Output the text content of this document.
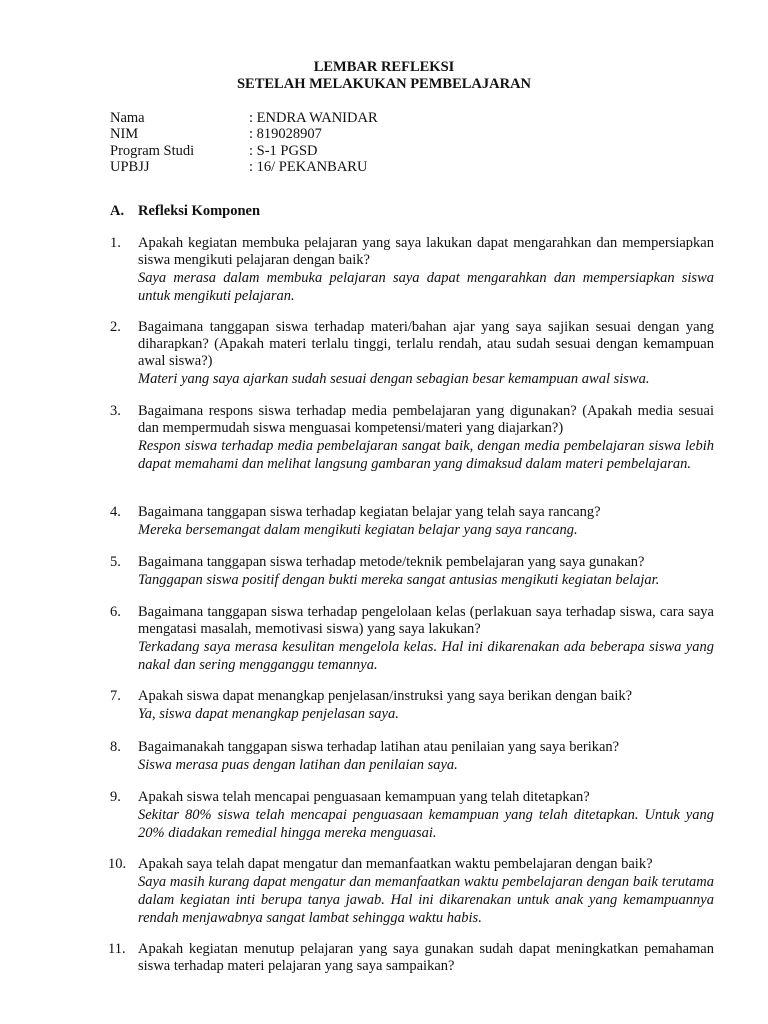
LEMBAR REFLEKSI
SETELAH MELAKUKAN PEMBELAJARAN
Nama	: ENDRA WANIDAR
NIM	: 819028907
Program Studi	: S-1 PGSD
UPBJJ	: 16/ PEKANBARU
A. Refleksi Komponen
1. Apakah kegiatan membuka pelajaran yang saya lakukan dapat mengarahkan dan mempersiapkan siswa mengikuti pelajaran dengan baik?
Saya merasa dalam membuka pelajaran saya dapat mengarahkan dan mempersiapkan siswa untuk mengikuti pelajaran.
2. Bagaimana tanggapan siswa terhadap materi/bahan ajar yang saya sajikan sesuai dengan yang diharapkan? (Apakah materi terlalu tinggi, terlalu rendah, atau sudah sesuai dengan kemampuan awal siswa?)
Materi yang saya ajarkan sudah sesuai dengan sebagian besar kemampuan awal siswa.
3. Bagaimana respons siswa terhadap media pembelajaran yang digunakan? (Apakah media sesuai dan mempermudah siswa menguasai kompetensi/materi yang diajarkan?)
Respon siswa terhadap media pembelajaran sangat baik, dengan media pembelajaran siswa lebih dapat memahami dan melihat langsung gambaran yang dimaksud dalam materi pembelajaran.
4. Bagaimana tanggapan siswa terhadap kegiatan belajar yang telah saya rancang?
Mereka bersemangat dalam mengikuti kegiatan belajar yang saya rancang.
5. Bagaimana tanggapan siswa terhadap metode/teknik pembelajaran yang saya gunakan?
Tanggapan siswa positif dengan bukti mereka sangat antusias mengikuti kegiatan belajar.
6. Bagaimana tanggapan siswa terhadap pengelolaan kelas (perlakuan saya terhadap siswa, cara saya mengatasi masalah, memotivasi siswa) yang saya lakukan?
Terkadang saya merasa kesulitan mengelola kelas. Hal ini dikarenakan ada beberapa siswa yang nakal dan sering mengganggu temannya.
7. Apakah siswa dapat menangkap penjelasan/instruksi yang saya berikan dengan baik?
Ya, siswa dapat menangkap penjelasan saya.
8. Bagaimanakah tanggapan siswa terhadap latihan atau penilaian yang saya berikan?
Siswa merasa puas dengan latihan dan penilaian saya.
9. Apakah siswa telah mencapai penguasaan kemampuan yang telah ditetapkan?
Sekitar 80% siswa telah mencapai penguasaan kemampuan yang telah ditetapkan. Untuk yang 20% diadakan remedial hingga mereka menguasai.
10. Apakah saya telah dapat mengatur dan memanfaatkan waktu pembelajaran dengan baik?
Saya masih kurang dapat mengatur dan memanfaatkan waktu pembelajaran dengan baik terutama dalam kegiatan inti berupa tanya jawab. Hal ini dikarenakan untuk anak yang kemampuannya rendah menjawabnya sangat lambat sehingga waktu habis.
11. Apakah kegiatan menutup pelajaran yang saya gunakan sudah dapat meningkatkan pemahaman siswa terhadap materi pelajaran yang saya sampaikan?
